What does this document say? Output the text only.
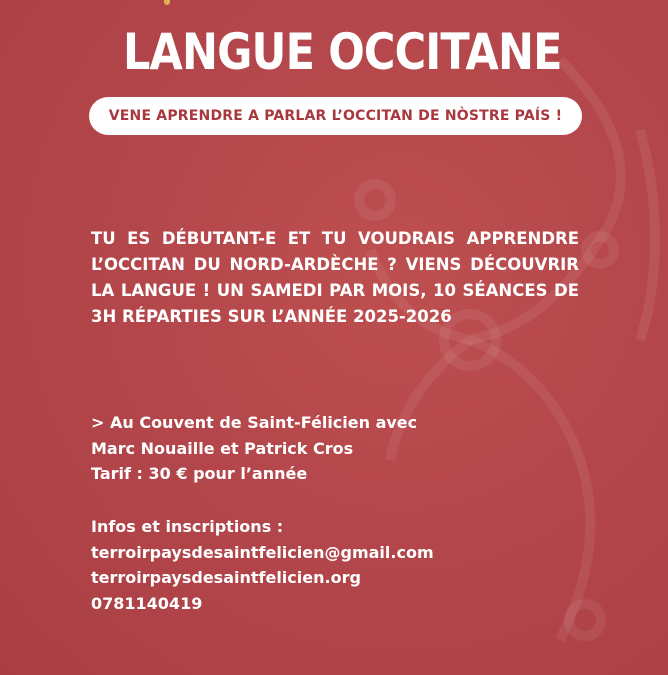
LANGUE OCCITANE
VENE APRENDRE A PARLAR L’OCCITAN DE NÒSTRE PAÍS !
TU ES DÉBUTANT-E ET TU VOUDRAIS APPRENDRE L’OCCITAN DU NORD-ARDÈCHE ? VIENS DÉCOUVRIR LA LANGUE ! UN SAMEDI PAR MOIS, 10 SÉANCES DE 3H RÉPARTIES SUR L’ANNÉE 2025-2026
> Au Couvent de Saint-Félicien avec
Marc Nouaille et Patrick Cros
Tarif : 30 € pour l’année
Infos et inscriptions :
terroirpaysdesaintfelicien@gmail.com
terroirpaysdesaintfelicien.org
0781140419
